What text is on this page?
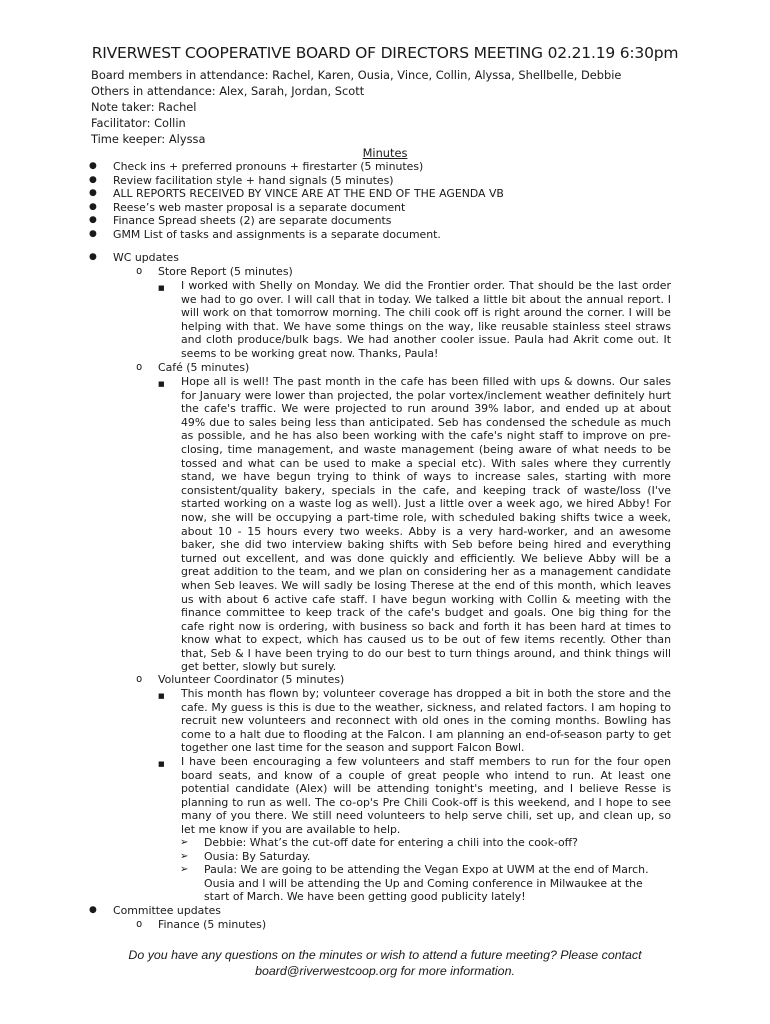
RIVERWEST COOPERATIVE BOARD OF DIRECTORS MEETING 02.21.19 6:30pm
Board members in attendance: Rachel, Karen, Ousia, Vince, Collin, Alyssa, Shellbelle, Debbie
Others in attendance: Alex, Sarah, Jordan, Scott
Note taker: Rachel
Facilitator: Collin
Time keeper: Alyssa
Minutes
● Check ins + preferred pronouns + firestarter (5 minutes)
● Review facilitation style + hand signals (5 minutes)
● ALL REPORTS RECEIVED BY VINCE ARE AT THE END OF THE AGENDA VB
● Reese’s web master proposal is a separate document
● Finance Spread sheets (2) are separate documents
● GMM List of tasks and assignments is a separate document.
● WC updates
o Store Report (5 minutes)
■ I worked with Shelly on Monday. We did the Frontier order. That should be the last order we had to go over. I will call that in today. We talked a little bit about the annual report. I will work on that tomorrow morning. The chili cook off is right around the corner. I will be helping with that. We have some things on the way, like reusable stainless steel straws and cloth produce/bulk bags. We had another cooler issue. Paula had Akrit come out. It seems to be working great now. Thanks, Paula!
o Café (5 minutes)
■ Hope all is well! The past month in the cafe has been filled with ups & downs. Our sales for January were lower than projected, the polar vortex/inclement weather definitely hurt the cafe's traffic. We were projected to run around 39% labor, and ended up at about 49% due to sales being less than anticipated. Seb has condensed the schedule as much as possible, and he has also been working with the cafe's night staff to improve on pre-closing, time management, and waste management (being aware of what needs to be tossed and what can be used to make a special etc). With sales where they currently stand, we have begun trying to think of ways to increase sales, starting with more consistent/quality bakery, specials in the cafe, and keeping track of waste/loss (I've started working on a waste log as well). Just a little over a week ago, we hired Abby! For now, she will be occupying a part-time role, with scheduled baking shifts twice a week, about 10 - 15 hours every two weeks. Abby is a very hard-worker, and an awesome baker, she did two interview baking shifts with Seb before being hired and everything turned out excellent, and was done quickly and efficiently. We believe Abby will be a great addition to the team, and we plan on considering her as a management candidate when Seb leaves. We will sadly be losing Therese at the end of this month, which leaves us with about 6 active cafe staff. I have begun working with Collin & meeting with the finance committee to keep track of the cafe's budget and goals. One big thing for the cafe right now is ordering, with business so back and forth it has been hard at times to know what to expect, which has caused us to be out of few items recently. Other than that, Seb & I have been trying to do our best to turn things around, and think things will get better, slowly but surely.
o Volunteer Coordinator (5 minutes)
■ This month has flown by; volunteer coverage has dropped a bit in both the store and the cafe. My guess is this is due to the weather, sickness, and related factors. I am hoping to recruit new volunteers and reconnect with old ones in the coming months. Bowling has come to a halt due to flooding at the Falcon. I am planning an end-of-season party to get together one last time for the season and support Falcon Bowl.
■ I have been encouraging a few volunteers and staff members to run for the four open board seats, and know of a couple of great people who intend to run. At least one potential candidate (Alex) will be attending tonight's meeting, and I believe Resse is planning to run as well. The co-op's Pre Chili Cook-off is this weekend, and I hope to see many of you there. We still need volunteers to help serve chili, set up, and clean up, so let me know if you are available to help.
➢ Debbie: What’s the cut-off date for entering a chili into the cook-off?
➢ Ousia: By Saturday.
➢ Paula: We are going to be attending the Vegan Expo at UWM at the end of March. Ousia and I will be attending the Up and Coming conference in Milwaukee at the start of March. We have been getting good publicity lately!
● Committee updates
o Finance (5 minutes)
Do you have any questions on the minutes or wish to attend a future meeting? Please contact
board@riverwestcoop.org for more information.
